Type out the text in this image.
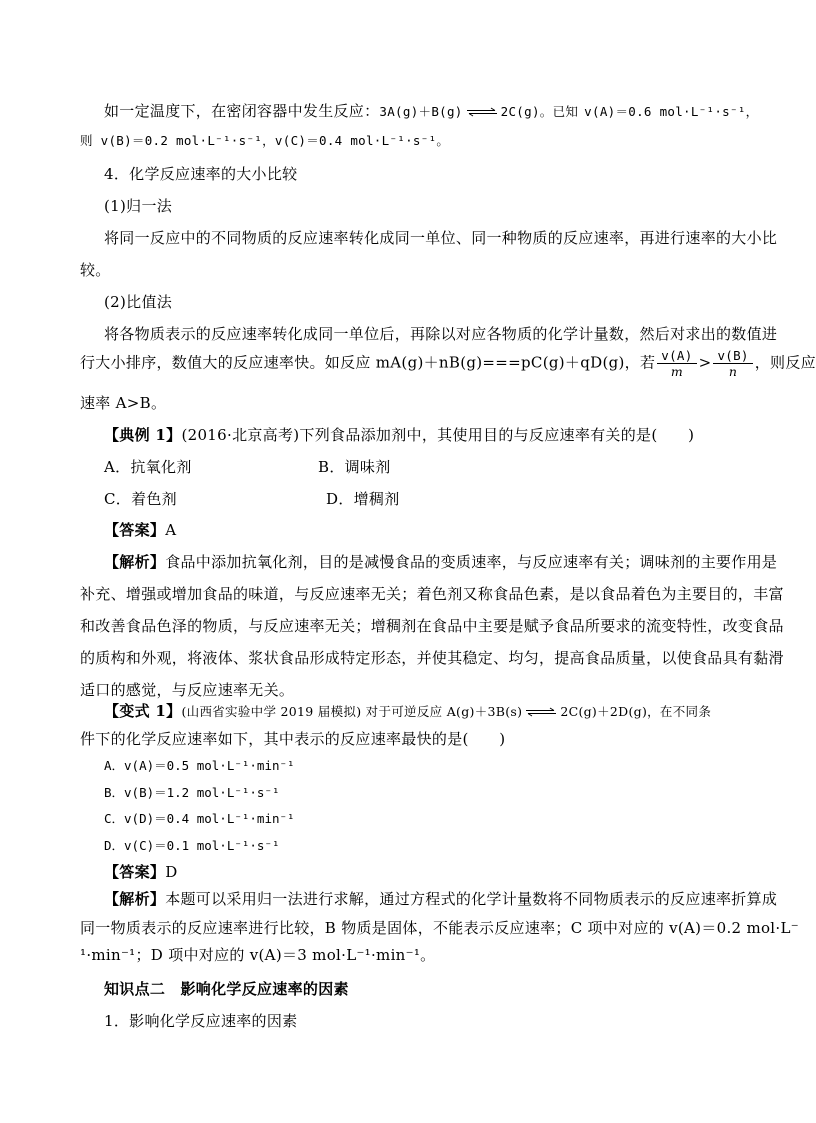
如一定温度下，在密闭容器中发生反应：3A(g)＋B(g) ⇌ 2C(g)。已知 v(A)＝0.6 mol·L⁻¹·s⁻¹，
则 v(B)＝0.2 mol·L⁻¹·s⁻¹，v(C)＝0.4 mol·L⁻¹·s⁻¹。
4．化学反应速率的大小比较
(1)归一法
将同一反应中的不同物质的反应速率转化成同一单位、同一种物质的反应速率，再进行速率的大小比
较。
(2)比值法
将各物质表示的反应速率转化成同一单位后，再除以对应各物质的化学计量数，然后对求出的数值进
行大小排序，数值大的反应速率快。如反应 mA(g)＋nB(g)===pC(g)＋qD(g)，若 $\frac{v(A)}{m} > \frac{v(B)}{n}$ ，则反应
速率 A>B。
【典例 1】(2016·北京高考)下列食品添加剂中，其使用目的与反应速率有关的是(　　)
A．抗氧化剂	B．调味剂
C．着色剂	D．增稠剂
【答案】A
【解析】食品中添加抗氧化剂，目的是减慢食品的变质速率，与反应速率有关；调味剂的主要作用是
补充、增强或增加食品的味道，与反应速率无关；着色剂又称食品色素，是以食品着色为主要目的，丰富
和改善食品色泽的物质，与反应速率无关；增稠剂在食品中主要是赋予食品所要求的流变特性，改变食品
的质构和外观，将液体、浆状食品形成特定形态，并使其稳定、均匀，提高食品质量，以使食品具有黏滑
适口的感觉，与反应速率无关。
【变式 1】(山西省实验中学 2019 届模拟) 对于可逆反应 A(g)＋3B(s) ⇌ 2C(g)＋2D(g)，在不同条
件下的化学反应速率如下，其中表示的反应速率最快的是(　　)
A．v(A)＝0.5 mol·L⁻¹·min⁻¹
B．v(B)＝1.2 mol·L⁻¹·s⁻¹
C．v(D)＝0.4 mol·L⁻¹·min⁻¹
D．v(C)＝0.1 mol·L⁻¹·s⁻¹
【答案】D
【解析】本题可以采用归一法进行求解，通过方程式的化学计量数将不同物质表示的反应速率折算成
同一物质表示的反应速率进行比较，B 物质是固体，不能表示反应速率；C 项中对应的 v(A)＝0.2 mol·L⁻
¹·min⁻¹；D 项中对应的 v(A)＝3 mol·L⁻¹·min⁻¹。
知识点二　影响化学反应速率的因素
1．影响化学反应速率的因素
